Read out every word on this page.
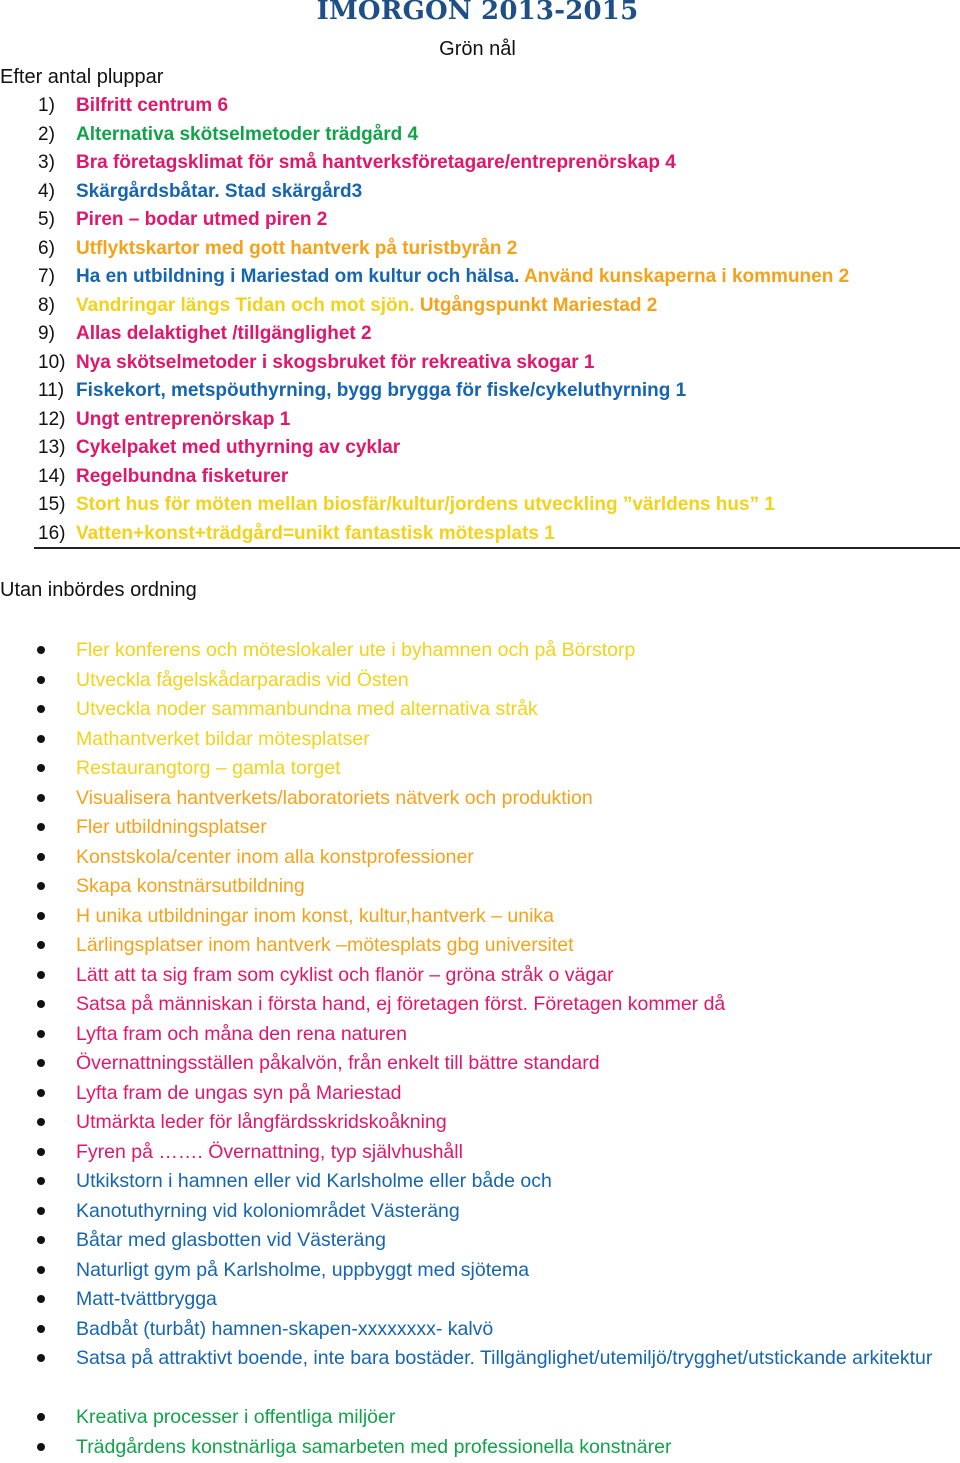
IMORGON 2013-2015
Grön nål
Efter antal pluppar
1) Bilfritt centrum 6
2) Alternativa skötselmetoder trädgård 4
3) Bra företagsklimat för små hantverksföretagare/entreprenörskap 4
4) Skärgårdsbåtar. Stad skärgård3
5) Piren – bodar utmed piren 2
6) Utflyktskartor med gott hantverk på turistbyrån 2
7) Ha en utbildning i Mariestad om kultur och hälsa. Använd kunskaperna i kommunen 2
8) Vandringar längs Tidan och mot sjön. Utgångspunkt Mariestad 2
9) Allas delaktighet /tillgänglighet 2
10) Nya skötselmetoder i skogsbruket för rekreativa skogar 1
11) Fiskekort, metspöuthyrning, bygg brygga för fiske/cykeluthyrning 1
12) Ungt entreprenörskap 1
13) Cykelpaket med uthyrning av cyklar
14) Regelbundna fisketurer
15) Stort hus för möten mellan biosfär/kultur/jordens utveckling ”världens hus” 1
16) Vatten+konst+trädgård=unikt fantastisk mötesplats 1
Utan inbördes ordning
Fler konferens och möteslokaler ute i byhamnen och på Börstorp
Utveckla fågelskådarparadis vid Östen
Utveckla noder sammanbundna med alternativa stråk
Mathantverket bildar mötesplatser
Restaurangtorg – gamla torget
Visualisera hantverkets/laboratoriets nätverk och produktion
Fler utbildningsplatser
Konstskola/center inom alla konstprofessioner
Skapa konstnärsutbildning
H unika utbildningar inom konst, kultur,hantverk – unika
Lärlingsplatser inom hantverk –mötesplats gbg universitet
Lätt att ta sig fram som cyklist och flanör – gröna stråk o vägar
Satsa på människan i första hand, ej företagen först. Företagen kommer då
Lyfta fram och måna den rena naturen
Övernattningsställen påkalvön, från enkelt till bättre standard
Lyfta fram de ungas syn på Mariestad
Utmärkta leder för långfärdsskridskoåkning
Fyren på ……. Övernattning, typ självhushåll
Utkikstorn i hamnen eller vid Karlsholme eller både och
Kanotuthyrning vid koloniområdet Västeräng
Båtar med glasbotten vid Västeräng
Naturligt gym på Karlsholme, uppbyggt med sjötema
Matt-tvättbrygga
Badbåt (turbåt) hamnen-skapen-xxxxxxxx- kalvö
Satsa på attraktivt boende, inte bara bostäder. Tillgänglighet/utemiljö/trygghet/utstickande arkitektur
Kreativa processer i offentliga miljöer
Trädgårdens konstnärliga samarbeten med professionella konstnärer
